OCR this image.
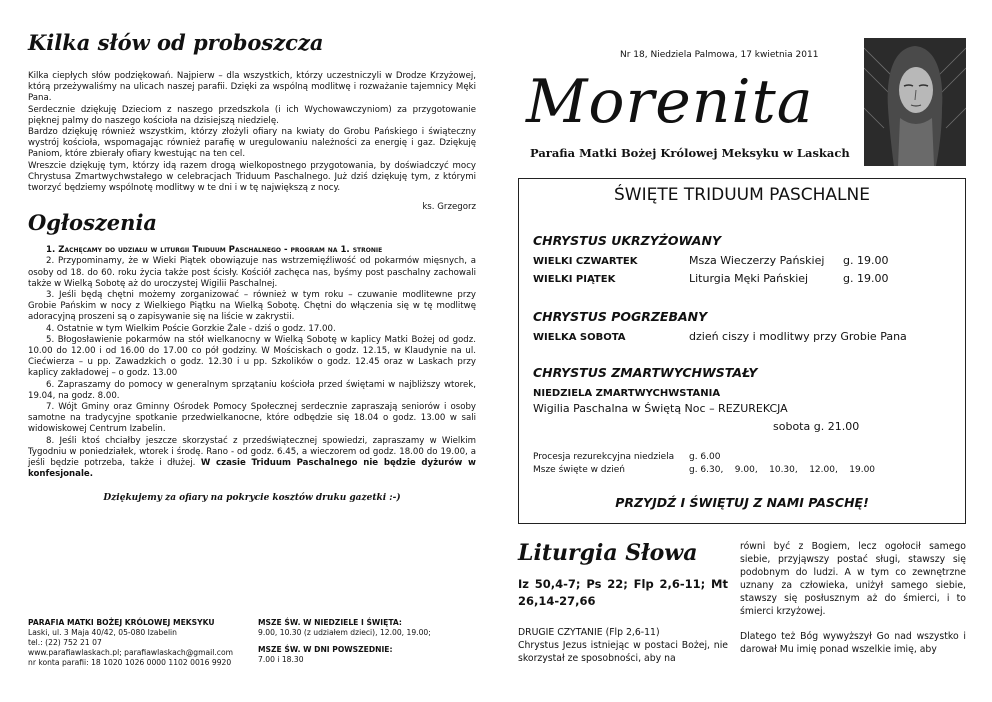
Kilka słów od proboszcza

Kilka ciepłych słów podziękowań. Najpierw – dla wszystkich, którzy uczestniczyli w Drodze Krzyżowej, którą przeżywaliśmy na ulicach naszej parafii. Dzięki za wspólną modlitwę i rozważanie tajemnicy Męki Pana.

Serdecznie dziękuję Dzieciom z naszego przedszkola (i ich Wychowawczyniom) za przygotowanie pięknej palmy do naszego kościoła na dzisiejszą niedzielę.

Bardzo dziękuję również wszystkim, którzy złożyli ofiary na kwiaty do Grobu Pańskiego i świąteczny wystrój kościoła, wspomagając również parafię w uregulowaniu należności za energię i gaz. Dziękuję Paniom, które zbierały ofiary kwestując na ten cel.

Wreszcie dziękuję tym, którzy idą razem drogą wielkopostnego przygotowania, by doświadczyć mocy Chrystusa Zmartwychwstałego w celebracjach Triduum Paschalnego. Już dziś dziękuję tym, z którymi tworzyć będziemy wspólnotę modlitwy w te dni i w tę największą z nocy.

ks. Grzegorz
Ogłoszenia

1. Zachęcamy do udziału w liturgii Triduum Paschalnego - program na 1. stronie

2. Przypominamy, że w Wieki Piątek obowiązuje nas wstrzemięźliwość od pokarmów mięsnych, a osoby od 18. do 60. roku życia także post ścisły. Kościół zachęca nas, byśmy post paschalny zachowali także w Wielką Sobotę aż do uroczystej Wigilii Paschalnej.

3. Jeśli będą chętni możemy zorganizować – również w tym roku – czuwanie modlitewne przy Grobie Pańskim w nocy z Wielkiego Piątku na Wielką Sobotę. Chętni do włączenia się w tę modlitwę adoracyjną proszeni są o zapisywanie się na liście w zakrystii.

4. Ostatnie w tym Wielkim Poście Gorzkie Żale - dziś o godz. 17.00.

5. Błogosławienie pokarmów na stół wielkanocny w Wielką Sobotę w kaplicy Matki Bożej od godz. 10.00 do 12.00 i od 16.00 do 17.00 co pół godziny. W Mościskach o godz. 12.15, w Klaudynie na ul. Ciećwierza – u pp. Zawadzkich o godz. 12.30 i u pp. Szkolików o godz. 12.45 oraz w Laskach przy kaplicy zakładowej – o godz. 13.00

6. Zapraszamy do pomocy w generalnym sprzątaniu kościoła przed świętami w najbliższy wtorek, 19.04, na godz. 8.00.

7. Wójt Gminy oraz Gminny Ośrodek Pomocy Społecznej serdecznie zapraszają seniorów i osoby samotne na tradycyjne spotkanie przedwielkanocne, które odbędzie się 18.04 o godz. 13.00 w sali widowiskowej Centrum Izabelin.

8. Jeśli ktoś chciałby jeszcze skorzystać z przedświątecznej spowiedzi, zapraszamy w Wielkim Tygodniu w poniedziałek, wtorek i środę. Rano - od godz. 6.45, a wieczorem od godz. 18.00 do 19.00, a jeśli będzie potrzeba, także i dłużej. W czasie Triduum Paschalnego nie będzie dyżurów w konfesjonale.

Dziękujemy za ofiary na pokrycie kosztów druku gazetki :-)
PARAFIA MATKI BOŻEJ KRÓLOWEJ MEKSYKU
Laski, ul. 3 Maja 40/42, 05-080 Izabelin
tel.: (22) 752 21 07
www.parafiawlaskach.pl; parafiawlaskach@gmail.com
nr konta parafii: 18 1020 1026 0000 1102 0016 9920
MSZE ŚW. W NIEDZIELE I ŚWIĘTA:
9.00, 10.30 (z udziałem dzieci), 12.00, 19.00;
MSZE ŚW. W DNI POWSZEDNIE:
7.00 i 18.30
Nr 18, Niedziela Palmowa, 17 kwietnia 2011
Morenita
Parafia Matki Bożej Królowej Meksyku w Laskach
ŚWIĘTE TRIDUUM PASCHALNE
CHRYSTUS UKRZYŻOWANY
WIELKI CZWARTEK	Msza Wieczerzy Pańskiej g. 19.00
WIELKI PIĄTEK	Liturgia Męki Pańskiej	g. 19.00
CHRYSTUS POGRZEBANY
WIELKA SOBOTA	dzień ciszy i modlitwy przy Grobie Pana
CHRYSTUS ZMARTWYCHWSTAŁY
NIEDZIELA ZMARTWYCHWSTANIA
Wigilia Paschalna w Świętą Noc – REZUREKCJA
sobota g. 21.00
Procesja rezurekcyjna niedziela g. 6.00
Msze święte w dzień	g. 6.30,    9.00,    10.30,    12.00,    19.00
PRZYJDŹ I ŚWIĘTUJ Z NAMI PASCHĘ!
Liturgia Słowa
Iz 50,4-7; Ps 22; Flp 2,6-11; Mt 26,14-27,66
DRUGIE CZYTANIE (Flp 2,6-11)
Chrystus Jezus istniejąc w postaci Bożej, nie skorzystał ze sposobności, aby na
równi być z Bogiem, lecz ogołocił samego siebie, przyjąwszy postać sługi, stawszy się podobnym do ludzi. A w tym co zewnętrzne uznany za człowieka, uniżył samego siebie, stawszy się posłusznym aż do śmierci, i to śmierci krzyżowej.
Dlatego też Bóg wywyższył Go nad wszystko i darował Mu imię ponad wszelkie imię, aby
